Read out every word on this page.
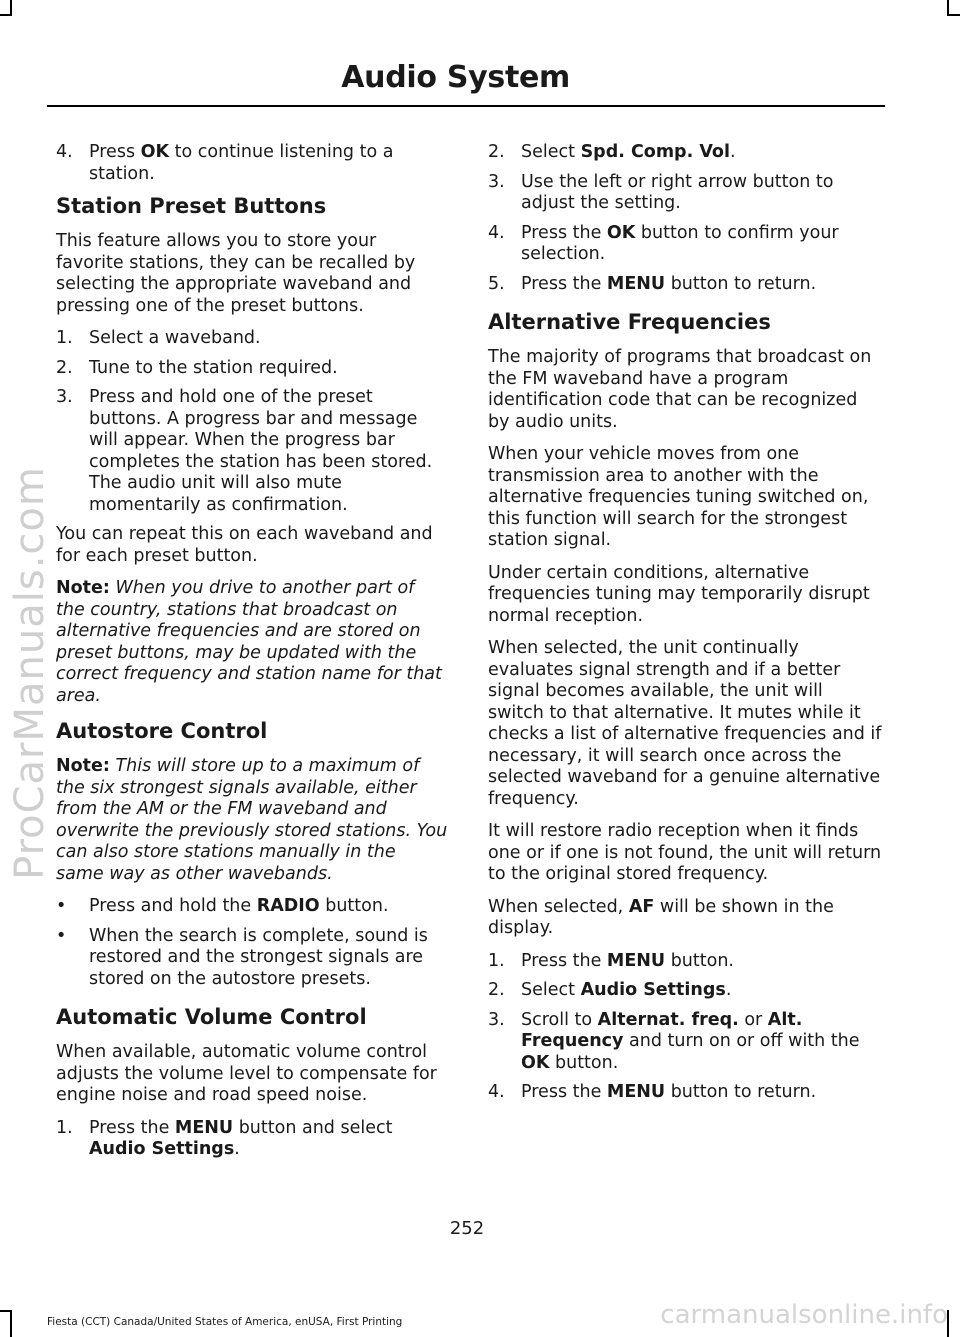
Audio System
ProCarManuals.com
4. Press OK to continue listening to a station.
Station Preset Buttons

This feature allows you to store your favorite stations, they can be recalled by selecting the appropriate waveband and pressing one of the preset buttons.

1. Select a waveband.
2. Tune to the station required.
3. Press and hold one of the preset buttons. A progress bar and message will appear. When the progress bar completes the station has been stored. The audio unit will also mute momentarily as confirmation.

You can repeat this on each waveband and for each preset button.

Note: When you drive to another part of the country, stations that broadcast on alternative frequencies and are stored on preset buttons, may be updated with the correct frequency and station name for that area.

Autostore Control

Note: This will store up to a maximum of the six strongest signals available, either from the AM or the FM waveband and overwrite the previously stored stations. You can also store stations manually in the same way as other wavebands.

• Press and hold the RADIO button.
• When the search is complete, sound is restored and the strongest signals are stored on the autostore presets.
Automatic Volume Control

When available, automatic volume control adjusts the volume level to compensate for engine noise and road speed noise.

1. Press the MENU button and select Audio Settings.
2. Select Spd. Comp. Vol.
3. Use the left or right arrow button to adjust the setting.
4. Press the OK button to confirm your selection.
5. Press the MENU button to return.
Alternative Frequencies

The majority of programs that broadcast on the FM waveband have a program identification code that can be recognized by audio units.

When your vehicle moves from one transmission area to another with the alternative frequencies tuning switched on, this function will search for the strongest station signal.

Under certain conditions, alternative frequencies tuning may temporarily disrupt normal reception.

When selected, the unit continually evaluates signal strength and if a better signal becomes available, the unit will switch to that alternative. It mutes while it checks a list of alternative frequencies and if necessary, it will search once across the selected waveband for a genuine alternative frequency.

It will restore radio reception when it finds one or if one is not found, the unit will return to the original stored frequency.

When selected, AF will be shown in the display.

1. Press the MENU button.
2. Select Audio Settings.
3. Scroll to Alternat. freq. or Alt. Frequency and turn on or off with the OK button.
4. Press the MENU button to return.
252
Fiesta (CCT) Canada/United States of America, enUSA, First Printing	carmanualsonline.info
